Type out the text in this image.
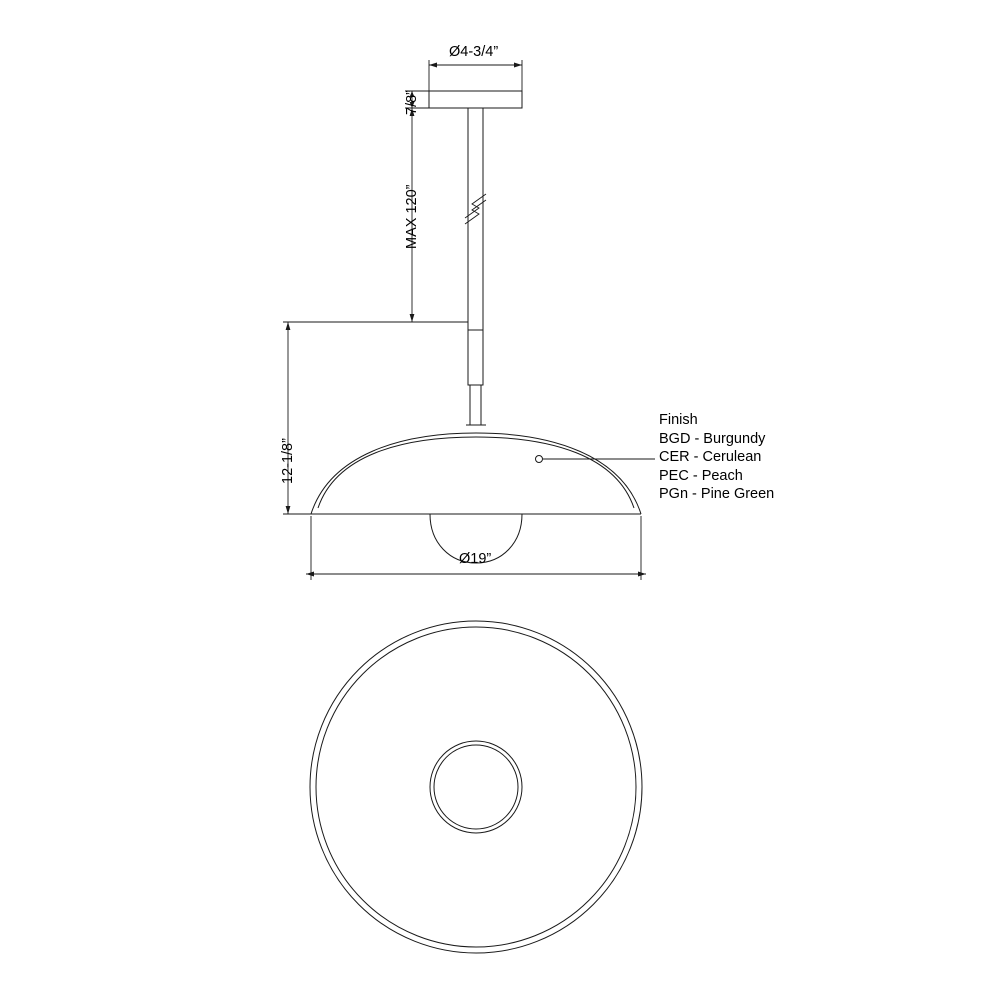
Ø4-3/4”
7/8”
MAX 120”
12-1/8”
Ø19”
Finish
BGD - Burgundy
CER - Cerulean
PEC - Peach
PGn - Pine Green
